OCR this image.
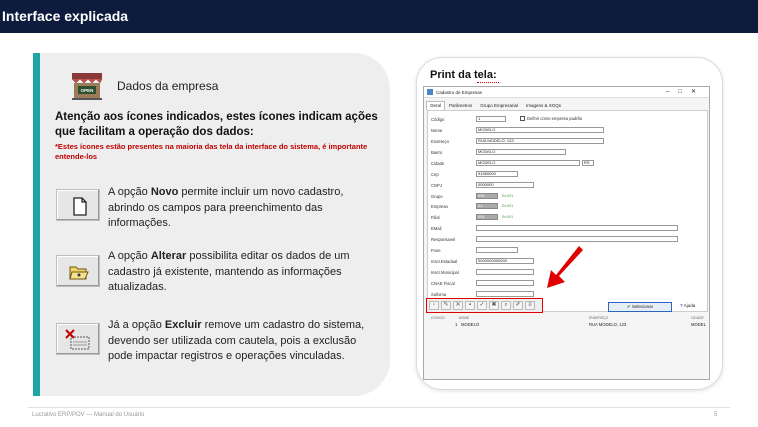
Interface explicada
OPEN Dados da empresa
Atenção aos ícones indicados, estes ícones indicam ações que facilitam a operação dos dados:
*Estes ícones estão presentes na maioria das tela da interface do sistema, é importante entende-los
A opção Novo permite incluir um novo cadastro, abrindo os campos para preenchimento das informações.
A opção Alterar possibilita editar os dados de um cadastro já existente, mantendo as informações atualizadas.
Já a opção Excluir remove um cadastro do sistema, devendo ser utilizada com cautela, pois a exclusão pode impactar registros e operações vinculadas.
Print da tela:
Cadastro de Empresas	–□✕
Geral	Parâmetros	Grupo Empresarial	Imagens & SGQs
Código	1	Definir como empresa padrão
Nome	MODELO
Endereço	RUA MODELO, 123
Bairro	MODELO
Cidade	MODELO	RS
Cep	91560000
CNPJ	0000000
Grupo	001	Ex:001
Empresa	01	Ex:001
Filial	001	Ex:001
EMail
Responsavel
Fone
Inscr.Estadual	0000000000000
Inscr.Municipal
CNAE Fiscal
Sufixma
▫	✎	✕	▪	✓	✖	⌕	✐	≡	✔ Selecionar	? Ajuda
CODIGO	NOME	ENDEREÇO	CIDADE
1 MODELO	RUA MODELO, 123	MODEL
Lucrativo ERP/POV — Manual do Usuário	5
